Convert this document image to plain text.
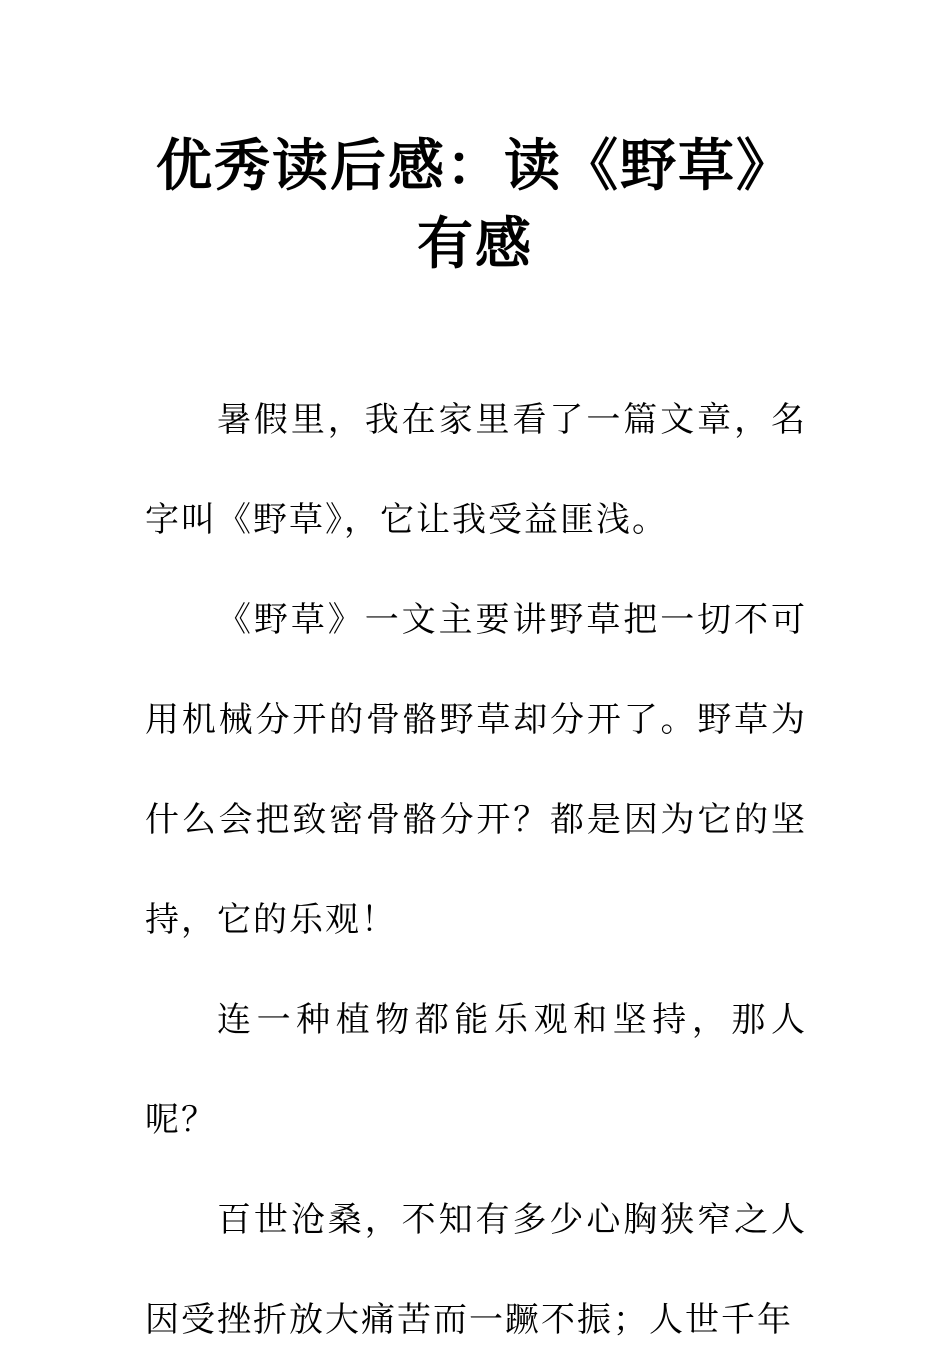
优秀读后感：读《野草》有感

暑假里，我在家里看了一篇文章，名字叫《野草》，它让我受益匪浅。

《野草》一文主要讲野草把一切不可用机械分开的骨骼野草却分开了。野草为什么会把致密骨骼分开？都是因为它的坚持，它的乐观！

连一种植物都能乐观和坚持，那人呢？

百世沧桑，不知有多少心胸狭窄之人因受挫折放大痛苦而一蹶不振；人世千年
